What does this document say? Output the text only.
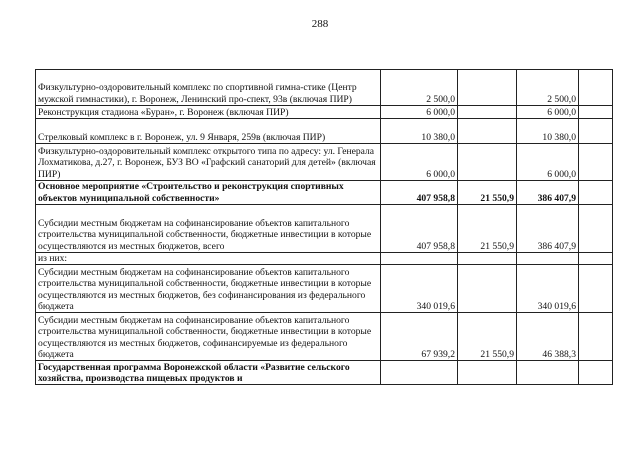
288
Физкультурно-оздоровительный комплекс по спортивной гимна-стике (Центр мужской гимнастики), г. Воронеж, Ленинский про-спект, 93в (включая ПИР)	2 500,0		2 500,0	
Реконструкция стадиона «Буран», г. Воронеж (включая ПИР)	6 000,0		6 000,0	
Стрелковый комплекс в г. Воронеж, ул. 9 Января, 259в (включая ПИР)	10 380,0		10 380,0	
Физкультурно-оздоровительный комплекс открытого типа по адресу: ул. Генерала Лохматикова, д.27, г. Воронеж, БУЗ ВО «Графский санаторий для детей» (включая ПИР)	6 000,0		6 000,0	
Основное мероприятие «Строительство и реконструкция спортивных объектов муниципальной собственности»	407 958,8	21 550,9	386 407,9	
Субсидии местным бюджетам на софинансирование объектов капитального строительства муниципальной собственности, бюджетные инвестиции в которые осуществляются из местных бюджетов, всего	407 958,8	21 550,9	386 407,9	
из них:				
Субсидии местным бюджетам на софинансирование объектов капитального строительства муниципальной собственности, бюджетные инвестиции в которые осуществляются из местных бюджетов, без софинансирования из федерального бюджета	340 019,6		340 019,6	
Субсидии местным бюджетам на софинансирование объектов капитального строительства муниципальной собственности, бюджетные инвестиции в которые осуществляются из местных бюджетов, софинансируемые из федерального бюджета	67 939,2	21 550,9	46 388,3	
Государственная программа Воронежской области «Развитие сельского хозяйства, производства пищевых продуктов и				
